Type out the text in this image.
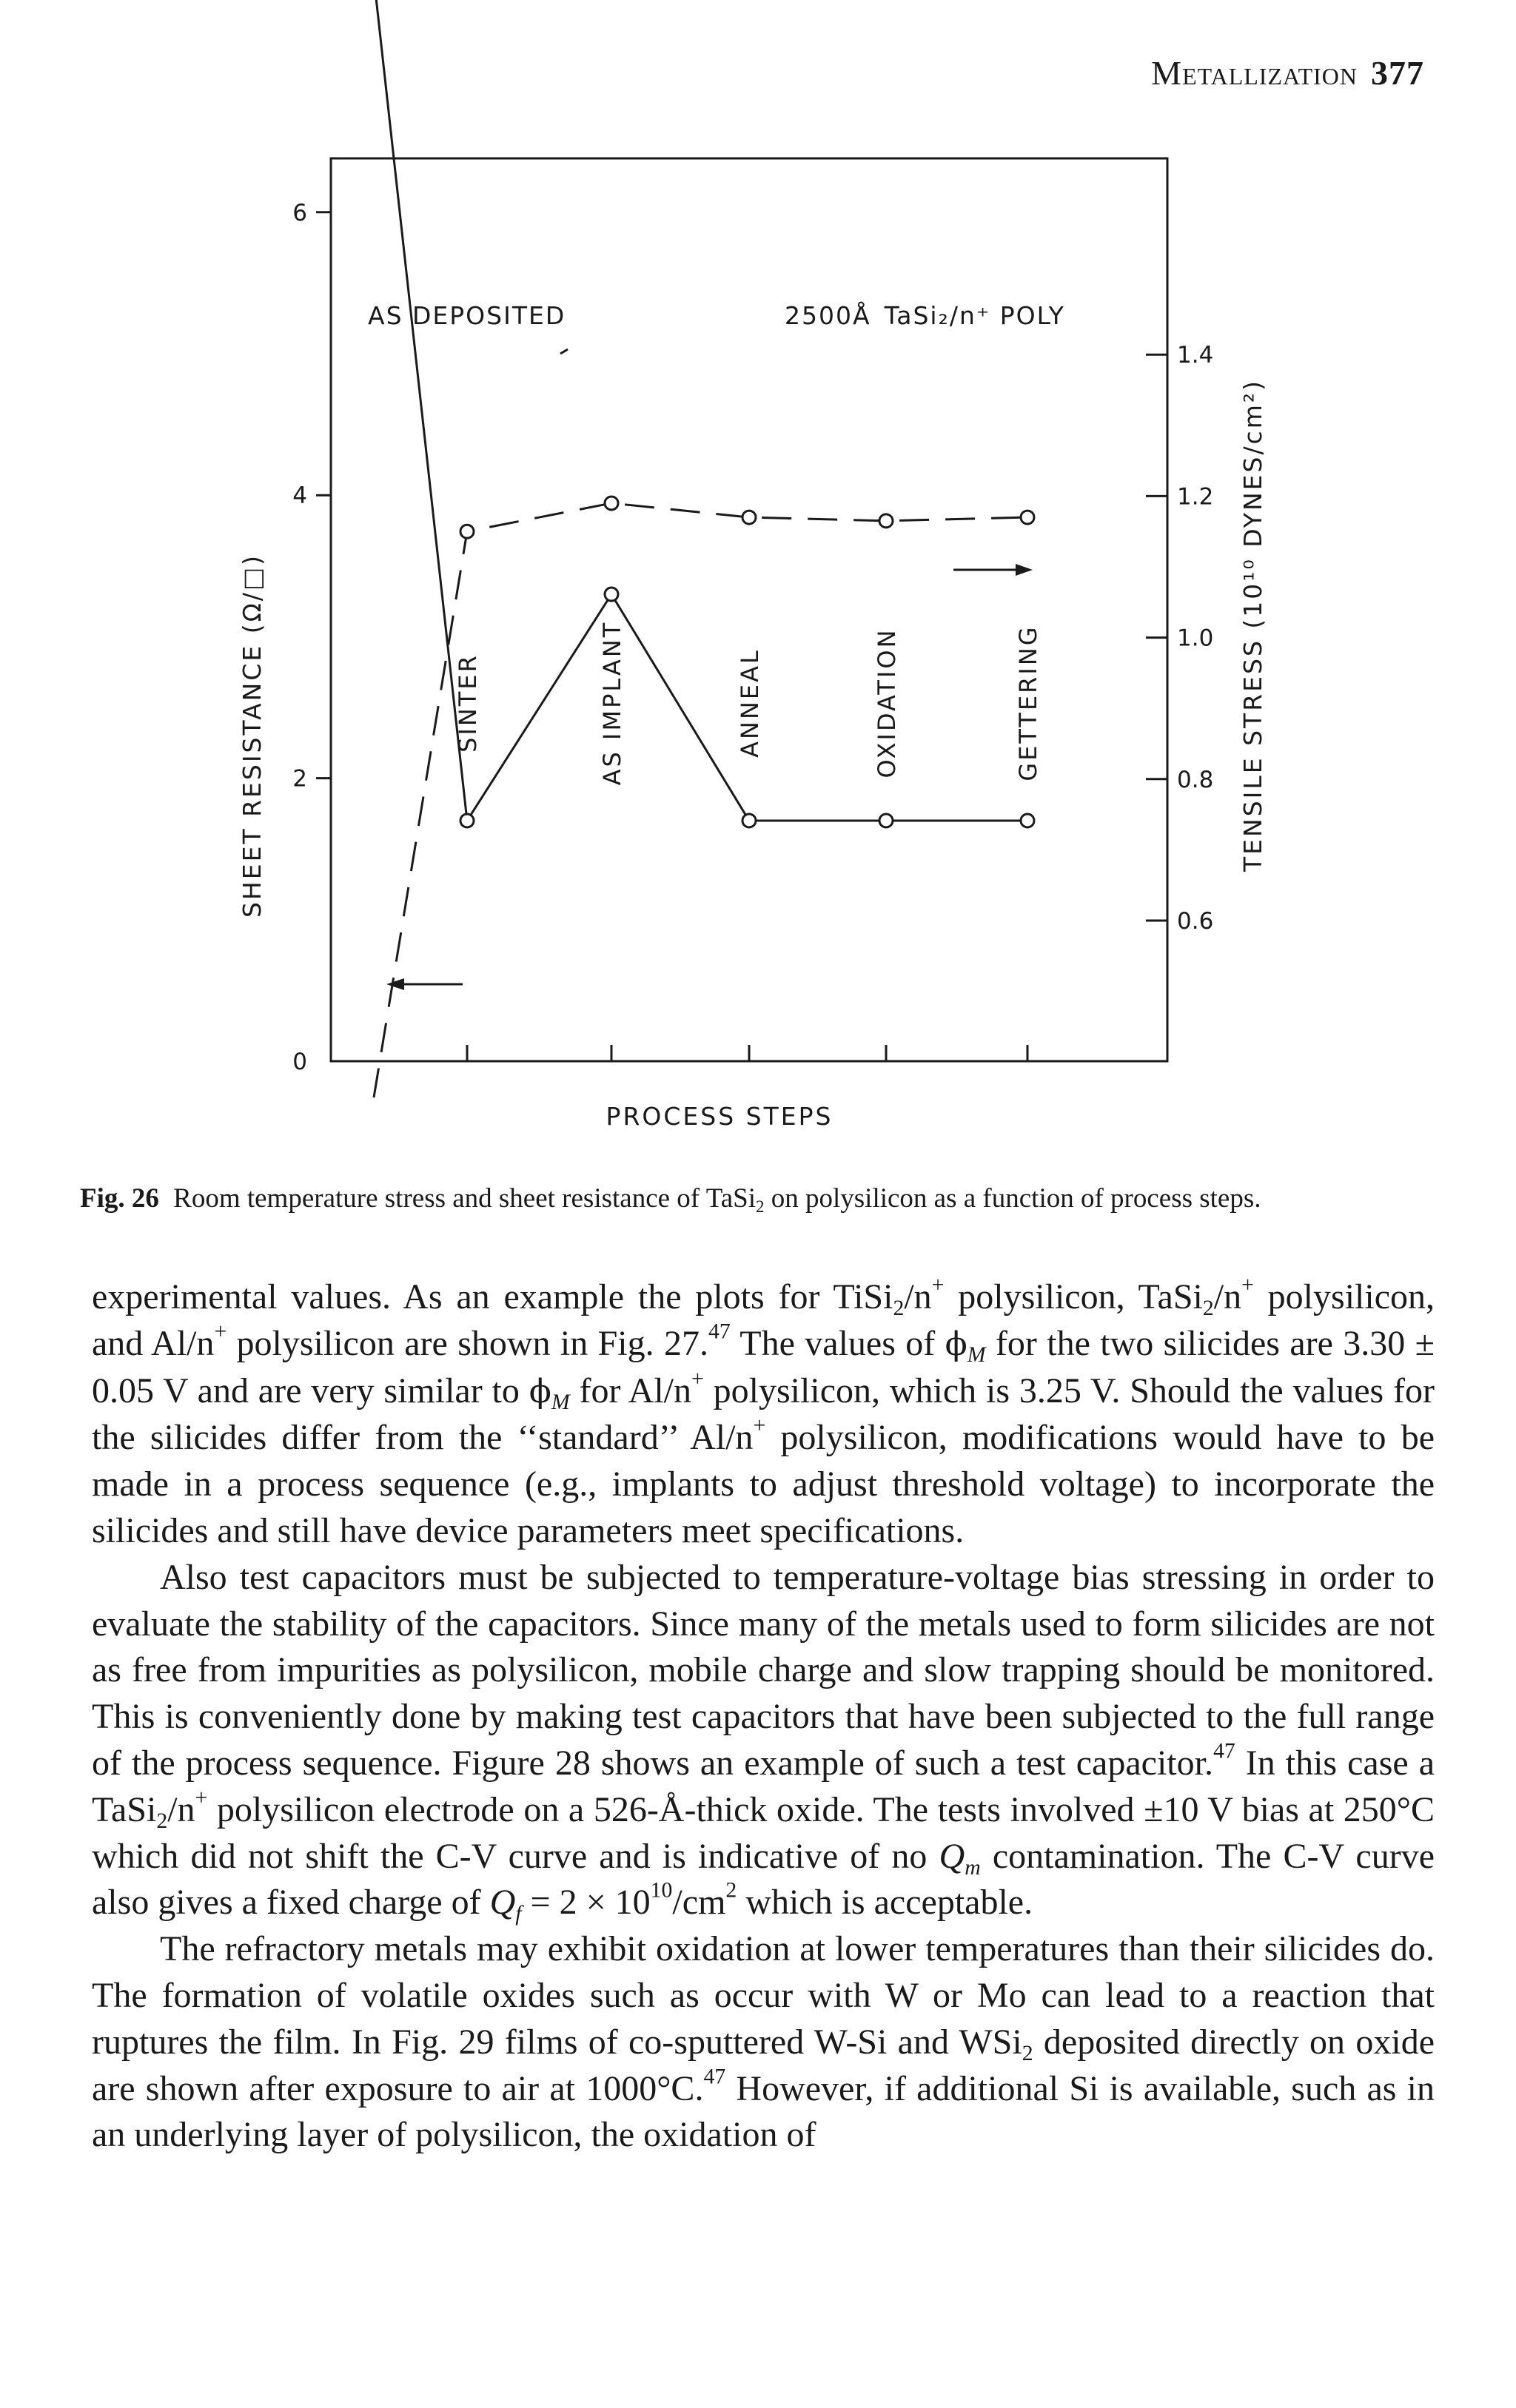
Metallization 377
0
2
4
6
0.6
0.8
1.0
1.2
1.4
SHEET RESISTANCE (Ω/□)	TENSILE STRESS (10¹⁰ DYNES/cm²)
PROCESS STEPS
SINTER	AS IMPLANT	ANNEAL	OXIDATION	GETTERING
AS DEPOSITED	2500Å TaSi₂/n⁺ POLY
Fig. 26 Room temperature stress and sheet resistance of TaSi$_2$ on polysilicon as a function of process steps.

experimental values. As an example the plots for TiSi$_2$/n+ polysilicon, TaSi$_2$/n+ polysilicon, and Al/n+ polysilicon are shown in Fig. 27.47 The values of $\phi_M$ for the two silicides are 3.30 ± 0.05 V and are very similar to $\phi_M$ for Al/n+ polysilicon, which is 3.25 V. Should the values for the silicides differ from the ‘‘standard’’ Al/n+ polysilicon, modifications would have to be made in a process sequence (e.g., implants to adjust threshold voltage) to incorporate the silicides and still have device parameters meet specifications.

Also test capacitors must be subjected to temperature-voltage bias stressing in order to evaluate the stability of the capacitors. Since many of the metals used to form silicides are not as free from impurities as polysilicon, mobile charge and slow trapping should be monitored. This is conveniently done by making test capacitors that have been subjected to the full range of the process sequence. Figure 28 shows an example of such a test capacitor.$^{47}$ In this case a TaSi$_2$/n+ polysilicon electrode on a 526-Å-thick oxide. The tests involved ±10 V bias at 250°C which did not shift the C-V curve and is indicative of no $Q_m$ contamination. The C-V curve also gives a fixed charge of $Q_f = 2 \times 10^{10}/cm^2$ which is acceptable.

The refractory metals may exhibit oxidation at lower temperatures than their silicides do. The formation of volatile oxides such as occur with W or Mo can lead to a reaction that ruptures the film. In Fig. 29 films of co-sputtered W-Si and WSi$_2$ deposited directly on oxide are shown after exposure to air at 1000°C.$^{47}$ However, if additional Si is available, such as in an underlying layer of polysilicon, the oxidation of
